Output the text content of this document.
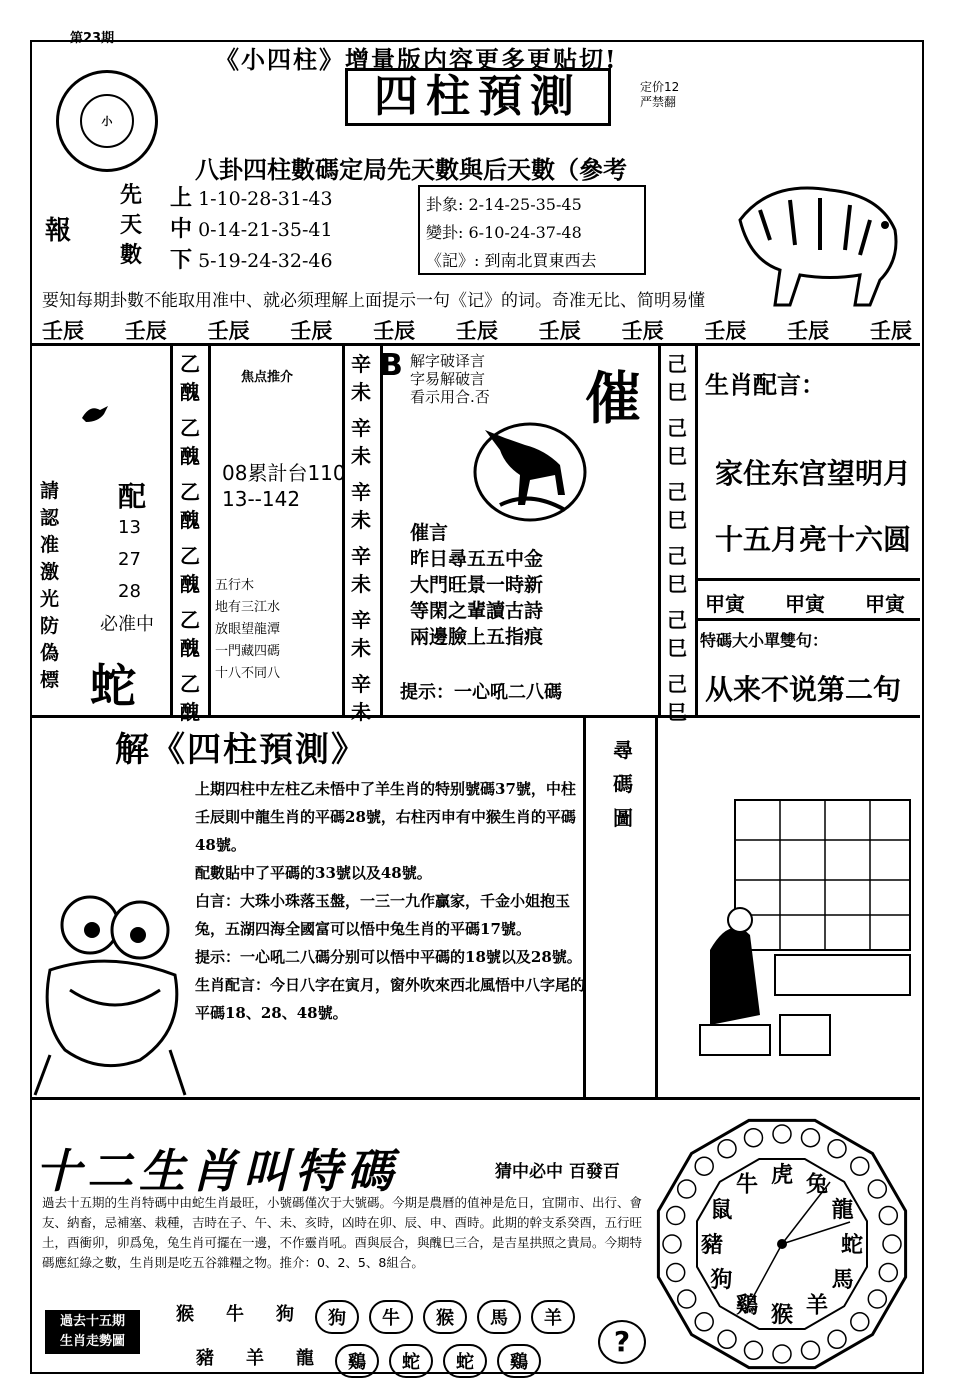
第23期
《小四柱》增量版内容更多更贴切!
四柱預測	定价12
严禁翻
小
八卦四柱數碼定局先天數與后天數（參考
報
先
天
數
上 1-10-28-31-43
中 0-14-21-35-41
下 5-19-24-32-46
卦象: 2-14-25-35-45
變卦: 6-10-24-37-48
《記》: 到南北買東西去
要知每期卦數不能取用准中、就必须理解上面提示一句《记》的词。奇准无比、简明易懂
壬辰 壬辰 壬辰 壬辰 壬辰 壬辰 壬辰 壬辰 壬辰 壬辰 壬辰
請認准激光防偽標
配
13
27
28
必准中
蛇
乙醜
乙醜
乙醜
乙醜
乙醜
乙醜
焦点推介
08累計台110
13--142
五行木
地有三江水
放眼望龍潭
一門藏四碼
十八不同八
辛未
辛未
辛未
辛未
辛未
辛未
B 解字破译言
字易解破言
看示用合.否 催
催言
昨日尋五五中金
大門旺景一時新
等閑之輩讀古詩
兩邊臉上五指痕
提示：一心吼二八碼
己巳
己巳
己巳
己巳
己巳
己巳
生肖配言：
家住东宫望明月
十五月亮十六圆
甲寅 甲寅 甲寅
特碼大小單雙句：
从来不说第二句
解《四柱預測》

上期四柱中左柱乙未悟中了羊生肖的特别號碼37號，中柱壬辰則中龍生肖的平碼28號，右柱丙申有中猴生肖的平碼48號。

配數貼中了平碼的33號以及48號。

白言：大珠小珠落玉盤，一三一九作贏家，千金小姐抱玉兔，五湖四海全國富可以悟中兔生肖的平碼17號。

提示：一心吼二八碼分别可以悟中平碼的18號以及28號。

生肖配言：今日八字在寅月，窗外吹來西北風悟中八字尾的平碼18、28、48號。

尋
碼
圖
十二生肖叫特碼	猜中必中 百發百
過去十五期的生肖特碼中由蛇生肖最旺，小號碼僅次于大號碼。今期是農曆的值神是危日，宜開市、出行、會友、納畜，忌補塞、栽種，吉時在子、午、未、亥時，凶時在卯、辰、申、酉時。此期的幹支系癸酉，五行旺土，酉衝卯，卯爲兔，兔生肖可擺在一邊，不作靈肖吼。酉與辰合，與醜巳三合，是吉星拱照之貴局。今期特碼應紅綠之數，生肖則是吃五谷雜糧之物。推介：0、2、5、8組合。
過去十五期
生肖走勢圖
猴	牛	狗	狗	牛	猴	馬	羊
豬	羊	龍	鷄	蛇	蛇	鷄
?
鼠
牛 虎 兔
龍
蛇
馬
羊
猴
鷄
狗
豬
